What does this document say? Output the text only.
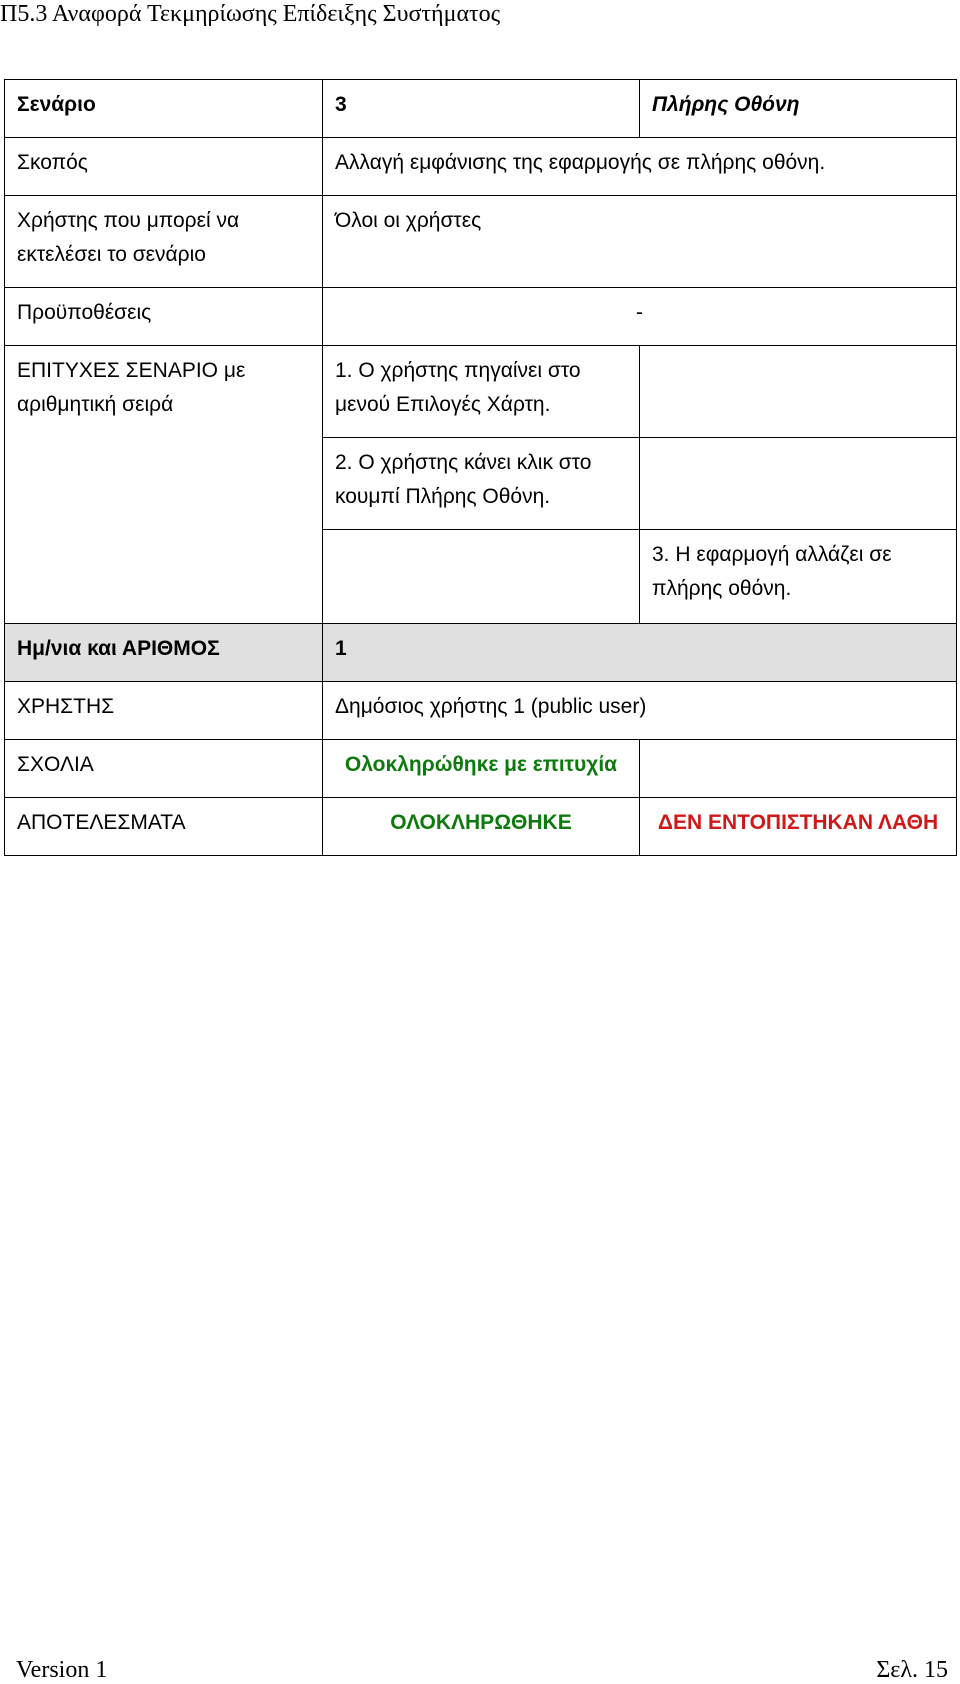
Π5.3 Αναφορά Τεκμηρίωσης Επίδειξης Συστήματος
Σενάριο	3	Πλήρης Οθόνη
Σκοπός	Αλλαγή εμφάνισης της εφαρμογής σε πλήρης οθόνη.	
Χρήστης που μπορεί να εκτελέσει το σενάριο	Όλοι οι χρήστες	
Προϋποθέσεις	-	
ΕΠΙΤΥΧΕΣ ΣΕΝΑΡΙΟ με αριθμητική σειρά	1. Ο χρήστης πηγαίνει στο μενού Επιλογές Χάρτη.	
	2. Ο χρήστης κάνει κλικ στο κουμπί Πλήρης Οθόνη.	
		3. Η εφαρμογή αλλάζει σε πλήρης οθόνη.
Ημ/νια και ΑΡΙΘΜΟΣ	1	
ΧΡΗΣΤΗΣ	Δημόσιος χρήστης 1 (public user)	
ΣΧΟΛΙΑ	Ολοκληρώθηκε με επιτυχία	
ΑΠΟΤΕΛΕΣΜΑΤΑ	ΟΛΟΚΛΗΡΩΘΗΚΕ	ΔΕΝ ΕΝΤΟΠΙΣΤΗΚΑΝ ΛΑΘΗ
Version 1	Σελ. 15
